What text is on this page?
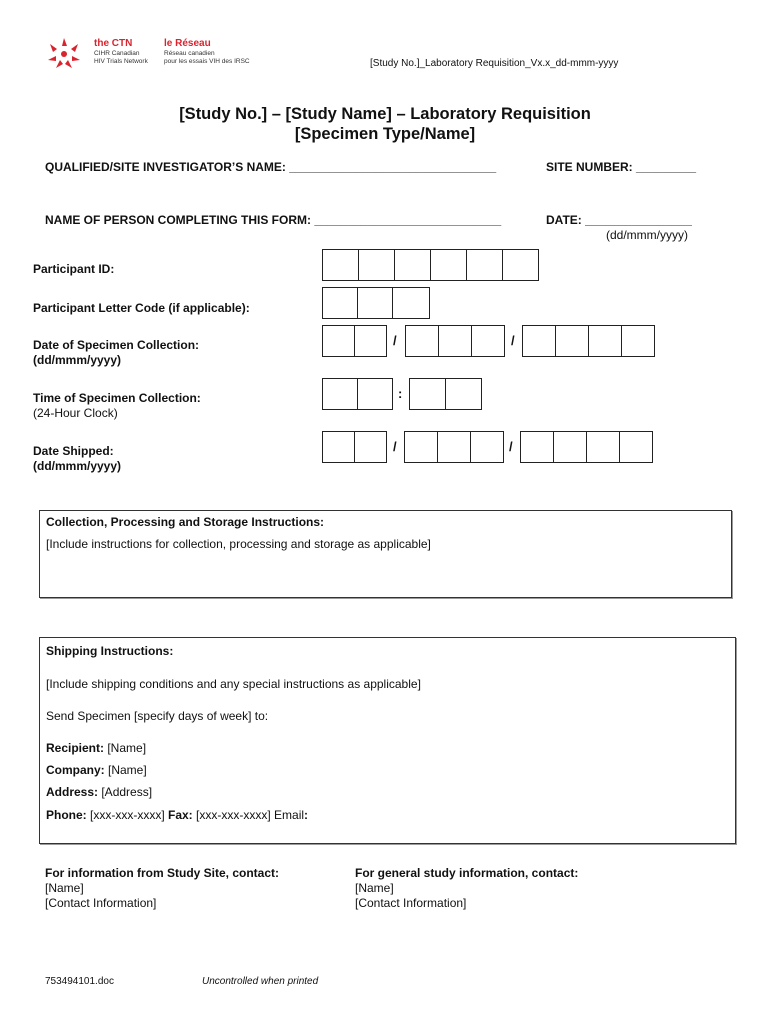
the CTN
CIHR Canadian
HIV Trials Network
le Réseau
Réseau canadien
pour les essais VIH des IRSC	[Study No.]_Laboratory Requisition_Vx.x_dd-mmm-yyyy
[Study No.] – [Study Name] – Laboratory Requisition
[Specimen Type/Name]
QUALIFIED/SITE INVESTIGATOR’S NAME: _______________________________	SITE NUMBER: _________
NAME OF PERSON COMPLETING THIS FORM: ____________________________	DATE: ________________
(dd/mmm/yyyy)
Participant ID:
Participant Letter Code (if applicable):
Date of Specimen Collection:
(dd/mmm/yyyy)
/	/
Time of Specimen Collection:
(24-Hour Clock)
:
Date Shipped:
(dd/mmm/yyyy)
/	/

Collection, Processing and Storage Instructions:

[Include instructions for collection, processing and storage as applicable]

Shipping Instructions:

[Include shipping conditions and any special instructions as applicable]

Send Specimen [specify days of week] to:

Recipient: [Name]

Company: [Name]

Address: [Address]

Phone: [xxx-xxx-xxxx] Fax: [xxx-xxx-xxxx] Email:

For information from Study Site, contact:
[Name]
[Contact Information]
For general study information, contact:
[Name]
[Contact Information]
753494101.doc	Uncontrolled when printed
